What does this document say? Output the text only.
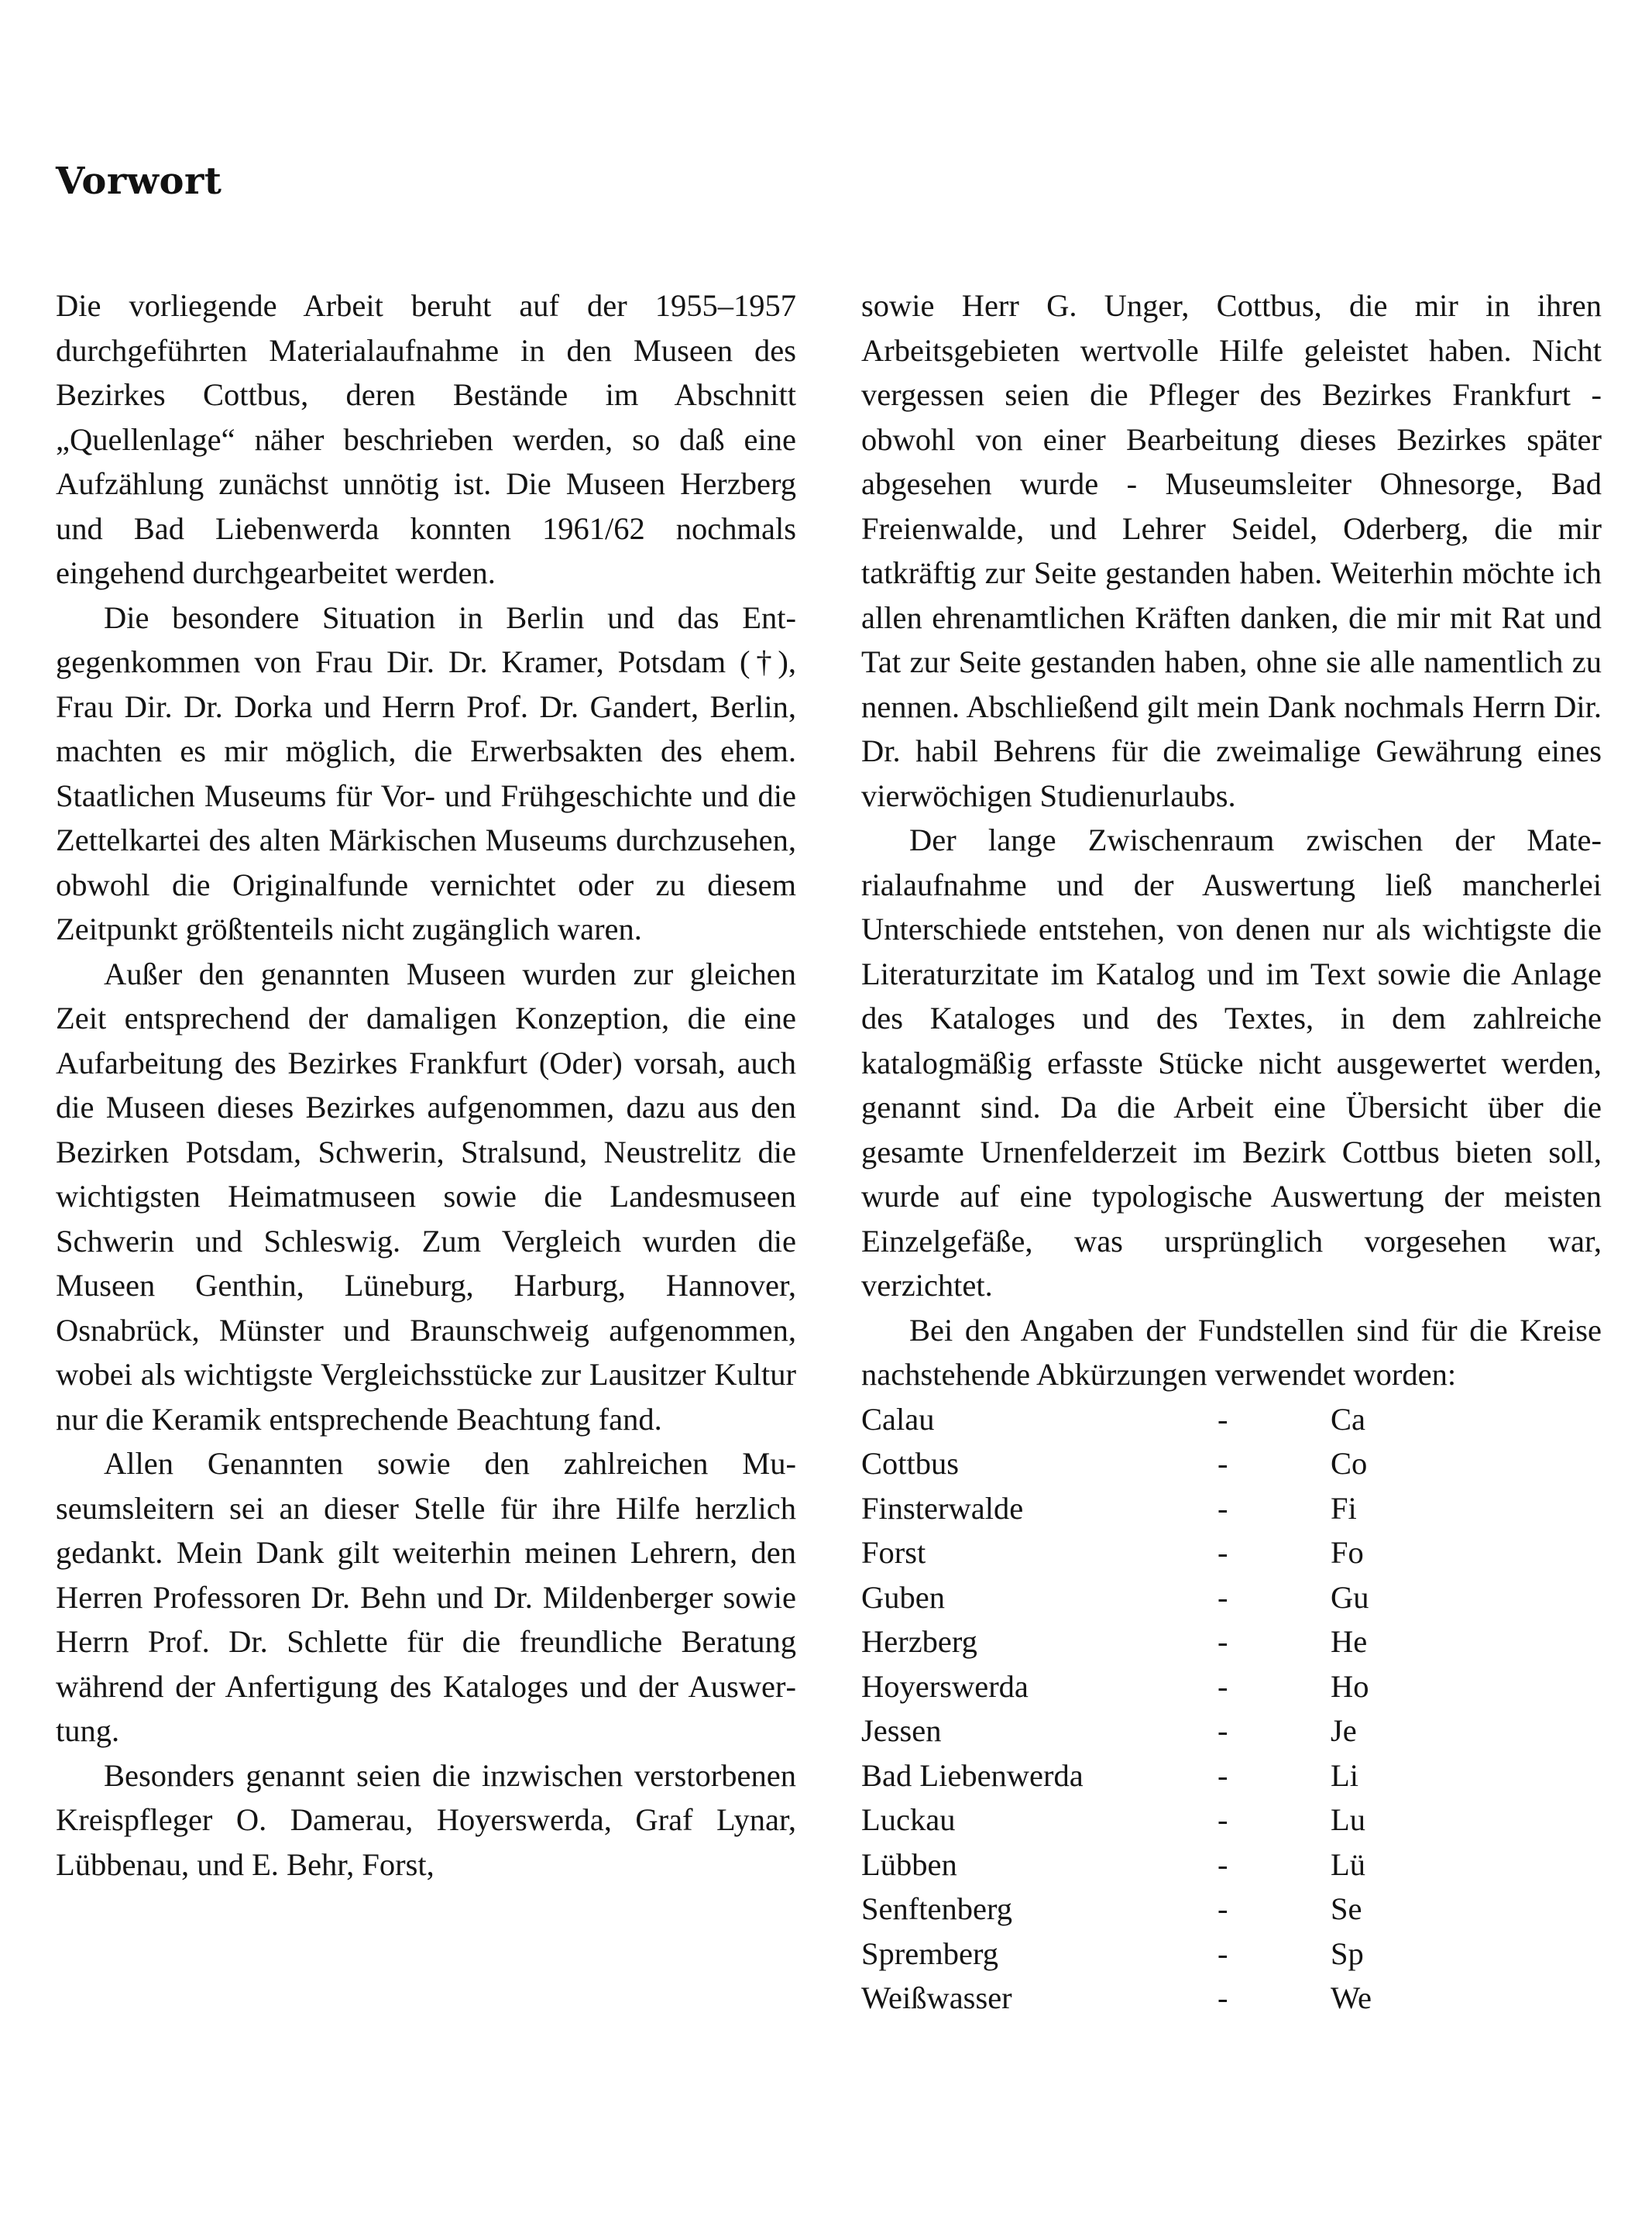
Vorwort

Die vorliegende Arbeit beruht auf der 1955–1957 durchgeführten Materialaufnahme in den Museen des Bezirkes Cottbus, deren Bestände im Abschnitt „Quellenlage“ näher beschrieben werden, so daß eine Aufzählung zunächst unnötig ist. Die Museen Herzberg und Bad Liebenwerda konnten 1961/62 nochmals eingehend durchgearbeitet werden.

Die besondere Situation in Berlin und das Entgegenkommen von Frau Dir. Dr. Kramer, Potsdam (†), Frau Dir. Dr. Dorka und Herrn Prof. Dr. Gandert, Berlin, machten es mir möglich, die Erwerbsakten des ehem. Staatlichen Museums für Vor- und Frühgeschichte und die Zettelkartei des alten Märkischen Museums durchzusehen, obwohl die Originalfunde vernichtet oder zu diesem Zeitpunkt größtenteils nicht zugänglich waren.

Außer den genannten Museen wurden zur gleichen Zeit entsprechend der damaligen Konzeption, die eine Aufarbeitung des Bezirkes Frankfurt (Oder) vorsah, auch die Museen dieses Bezirkes aufgenommen, dazu aus den Bezirken Potsdam, Schwerin, Stralsund, Neustrelitz die wichtigsten Heimatmuseen sowie die Landesmuseen Schwerin und Schleswig. Zum Vergleich wurden die Museen Genthin, Lüneburg, Harburg, Hannover, Osnabrück, Münster und Braunschweig aufgenommen, wobei als wichtigste Vergleichsstücke zur Lausitzer Kultur nur die Keramik entsprechende Beachtung fand.

Allen Genannten sowie den zahlreichen Museumsleitern sei an dieser Stelle für ihre Hilfe herzlich gedankt. Mein Dank gilt weiterhin meinen Lehrern, den Herren Professoren Dr. Behn und Dr. Mildenberger sowie Herrn Prof. Dr. Schlette für die freundliche Beratung während der Anfertigung des Kataloges und der Auswertung.

Besonders genannt seien die inzwischen verstorbenen Kreispfleger O. Damerau, Hoyerswerda, Graf Lynar, Lübbenau, und E. Behr, Forst,

sowie Herr G. Unger, Cottbus, die mir in ihren Arbeitsgebieten wertvolle Hilfe geleistet haben. Nicht vergessen seien die Pfleger des Bezirkes Frankfurt - obwohl von einer Bearbeitung dieses Bezirkes später abgesehen wurde - Museumsleiter Ohnesorge, Bad Freienwalde, und Lehrer Seidel, Oderberg, die mir tatkräftig zur Seite gestanden haben. Weiterhin möchte ich allen ehrenamtlichen Kräften danken, die mir mit Rat und Tat zur Seite gestanden haben, ohne sie alle namentlich zu nennen. Abschließend gilt mein Dank nochmals Herrn Dir. Dr. habil Behrens für die zweimalige Gewährung eines vierwöchigen Studienurlaubs.

Der lange Zwischenraum zwischen der Materialaufnahme und der Auswertung ließ mancherlei Unterschiede entstehen, von denen nur als wichtigste die Literaturzitate im Katalog und im Text sowie die Anlage des Kataloges und des Textes, in dem zahlreiche katalogmäßig erfasste Stücke nicht ausgewertet werden, genannt sind. Da die Arbeit eine Übersicht über die gesamte Urnenfelderzeit im Bezirk Cottbus bieten soll, wurde auf eine typologische Auswertung der meisten Einzelgefäße, was ursprünglich vorgesehen war, verzichtet.

Bei den Angaben der Fundstellen sind für die Kreise nachstehende Abkürzungen verwendet worden:

Calau	-	Ca
Cottbus	-	Co
Finsterwalde	-	Fi
Forst	-	Fo
Guben	-	Gu
Herzberg	-	He
Hoyerswerda	-	Ho
Jessen	-	Je
Bad Liebenwerda	-	Li
Luckau	-	Lu
Lübben	-	Lü
Senftenberg	-	Se
Spremberg	-	Sp
Weißwasser	-	We
